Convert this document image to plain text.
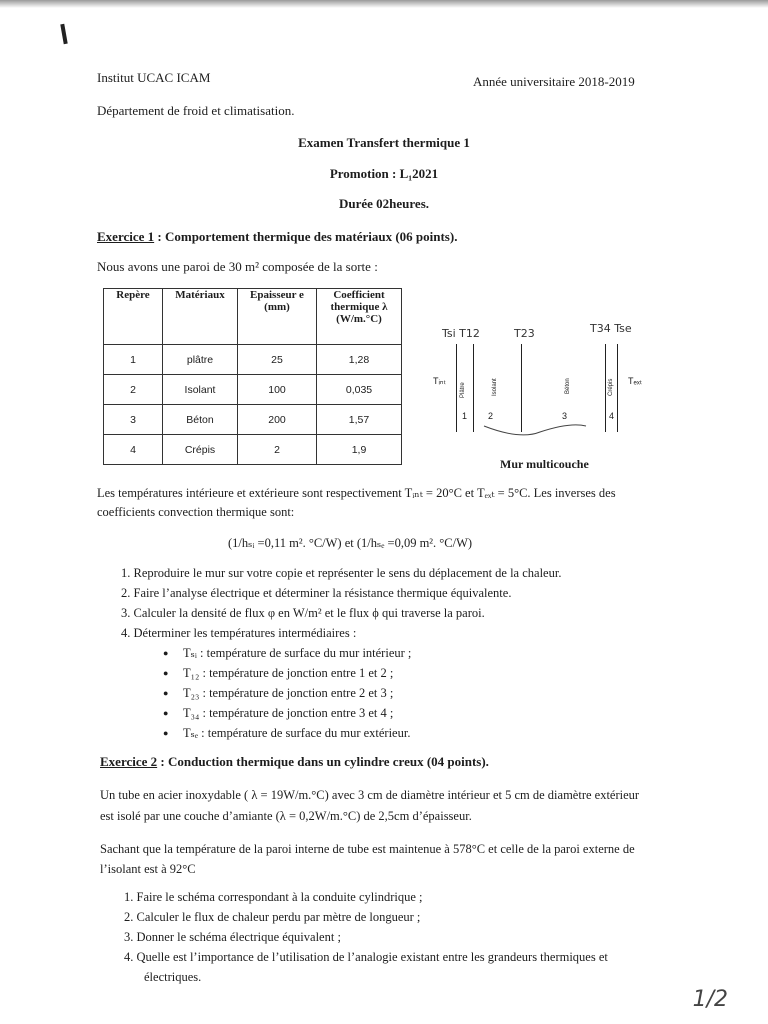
Institut UCAC ICAM	Année universitaire 2018-2019
Département de froid et climatisation.
Examen Transfert thermique 1
Promotion : L₁2021
Durée 02heures.
Exercice 1 : Comportement thermique des matériaux (06 points).
Nous avons une paroi de 30 m² composée de la sorte :
Repère	Matériaux	Epaisseur e (mm)	Coefficient thermique λ (W/m.°C)
1	plâtre	25	1,28
2	Isolant	100	0,035
3	Béton	200	1,57
4	Crépis	2	1,9
Tsi T12	T23	T34 Tse
Tᵢₙₜ	Tₑₓₜ
Plâtre	Isolant	Béton	Crépis
1 2	3	4
Mur multicouche
Les températures intérieure et extérieure sont respectivement Tᵢₙₜ = 20°C et Tₑₓₜ = 5°C. Les inverses des
coefficients convection thermique sont:
(1/hₛᵢ =0,11 m². °C/W) et (1/hₛₑ =0,09 m². °C/W)
1. Reproduire le mur sur votre copie et représenter le sens du déplacement de la chaleur.
2. Faire l’analyse électrique et déterminer la résistance thermique équivalente.
3. Calculer la densité de flux φ en W/m² et le flux ϕ qui traverse la paroi.
4. Déterminer les températures intermédiaires :
● Tₛᵢ : température de surface du mur intérieur ;
● T₁₂ : température de jonction entre 1 et 2 ;
● T₂₃ : température de jonction entre 2 et 3 ;
● T₃₄ : température de jonction entre 3 et 4 ;
● Tₛₑ : température de surface du mur extérieur.
Exercice 2 : Conduction thermique dans un cylindre creux (04 points).
Un tube en acier inoxydable ( λ = 19W/m.°C) avec 3 cm de diamètre intérieur et 5 cm de diamètre extérieur
est isolé par une couche d’amiante (λ = 0,2W/m.°C) de 2,5cm d’épaisseur.
Sachant que la température de la paroi interne de tube est maintenue à 578°C et celle de la paroi externe de
l’isolant est à 92°C
1. Faire le schéma correspondant à la conduite cylindrique ;
2. Calculer le flux de chaleur perdu par mètre de longueur ;
3. Donner le schéma électrique équivalent ;
4. Quelle est l’importance de l’utilisation de l’analogie existant entre les grandeurs thermiques et
électriques.
1/2
